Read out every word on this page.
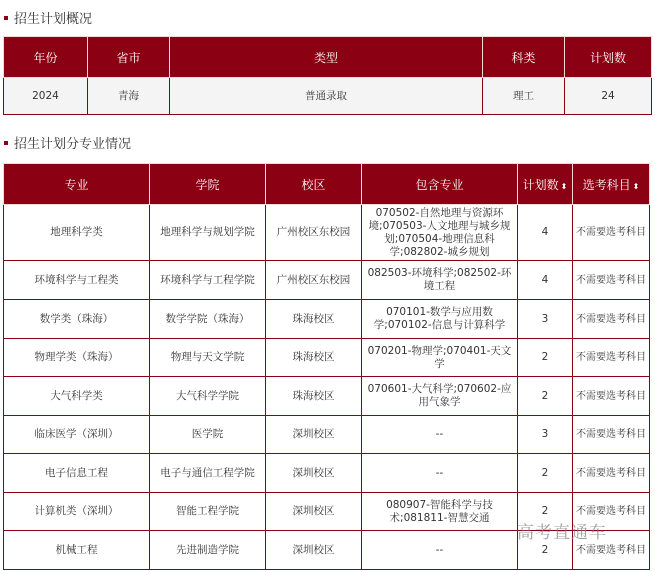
招生计划概况
年份	省市	类型	科类	计划数
2024	青海	普通录取	理工	24
招生计划分专业情况
专业	学院	校区	包含专业	计划数 ⬍	选考科目 ⬍
地理科学类	地理科学与规划学院	广州校区东校园	070502-自然地理与资源环境;070503-人文地理与城乡规划;070504-地理信息科学;082802-城乡规划	4	不需要选考科目
环境科学与工程类	环境科学与工程学院	广州校区东校园	082503-环境科学;082502-环境工程	4	不需要选考科目
数学类（珠海）	数学学院（珠海）	珠海校区	070101-数学与应用数学;070102-信息与计算科学	3	不需要选考科目
物理学类（珠海）	物理与天文学院	珠海校区	070201-物理学;070401-天文学	2	不需要选考科目
大气科学类	大气科学学院	珠海校区	070601-大气科学;070602-应用气象学	2	不需要选考科目
临床医学（深圳）	医学院	深圳校区	--	3	不需要选考科目
电子信息工程	电子与通信工程学院	深圳校区	--	2	不需要选考科目
计算机类（深圳）	智能工程学院	深圳校区	080907-智能科学与技术;081811-智慧交通	2	不需要选考科目
机械工程	先进制造学院	深圳校区	--	2	不需要选考科目
高考直通车
